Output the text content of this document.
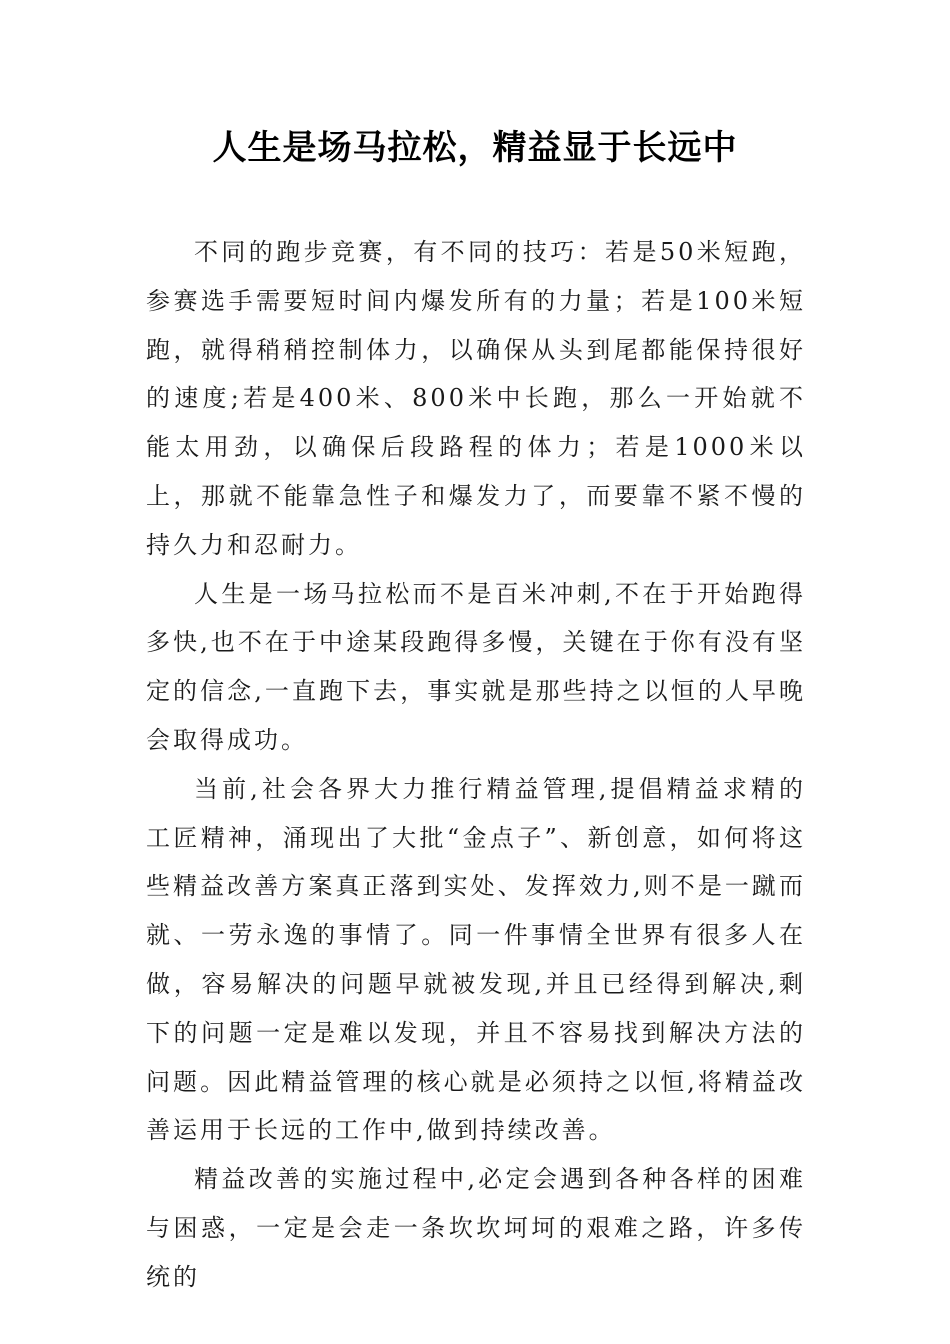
人生是场马拉松，精益显于长远中

不同的跑步竞赛，有不同的技巧：若是50米短跑，参赛选手需要短时间内爆发所有的力量；若是100米短跑，就得稍稍控制体力，以确保从头到尾都能保持很好的速度;若是400米、800米中长跑，那么一开始就不能太用劲，以确保后段路程的体力；若是1000米以上，那就不能靠急性子和爆发力了，而要靠不紧不慢的持久力和忍耐力。

人生是一场马拉松而不是百米冲刺,不在于开始跑得多快,也不在于中途某段跑得多慢，关键在于你有没有坚定的信念,一直跑下去，事实就是那些持之以恒的人早晚会取得成功。

当前,社会各界大力推行精益管理,提倡精益求精的工匠精神，涌现出了大批“金点子”、新创意，如何将这些精益改善方案真正落到实处、发挥效力,则不是一蹴而就、一劳永逸的事情了。同一件事情全世界有很多人在做，容易解决的问题早就被发现,并且已经得到解决,剩下的问题一定是难以发现，并且不容易找到解决方法的问题。因此精益管理的核心就是必须持之以恒,将精益改善运用于长远的工作中,做到持续改善。

精益改善的实施过程中,必定会遇到各种各样的困难与困惑，一定是会走一条坎坎坷坷的艰难之路，许多传统的
